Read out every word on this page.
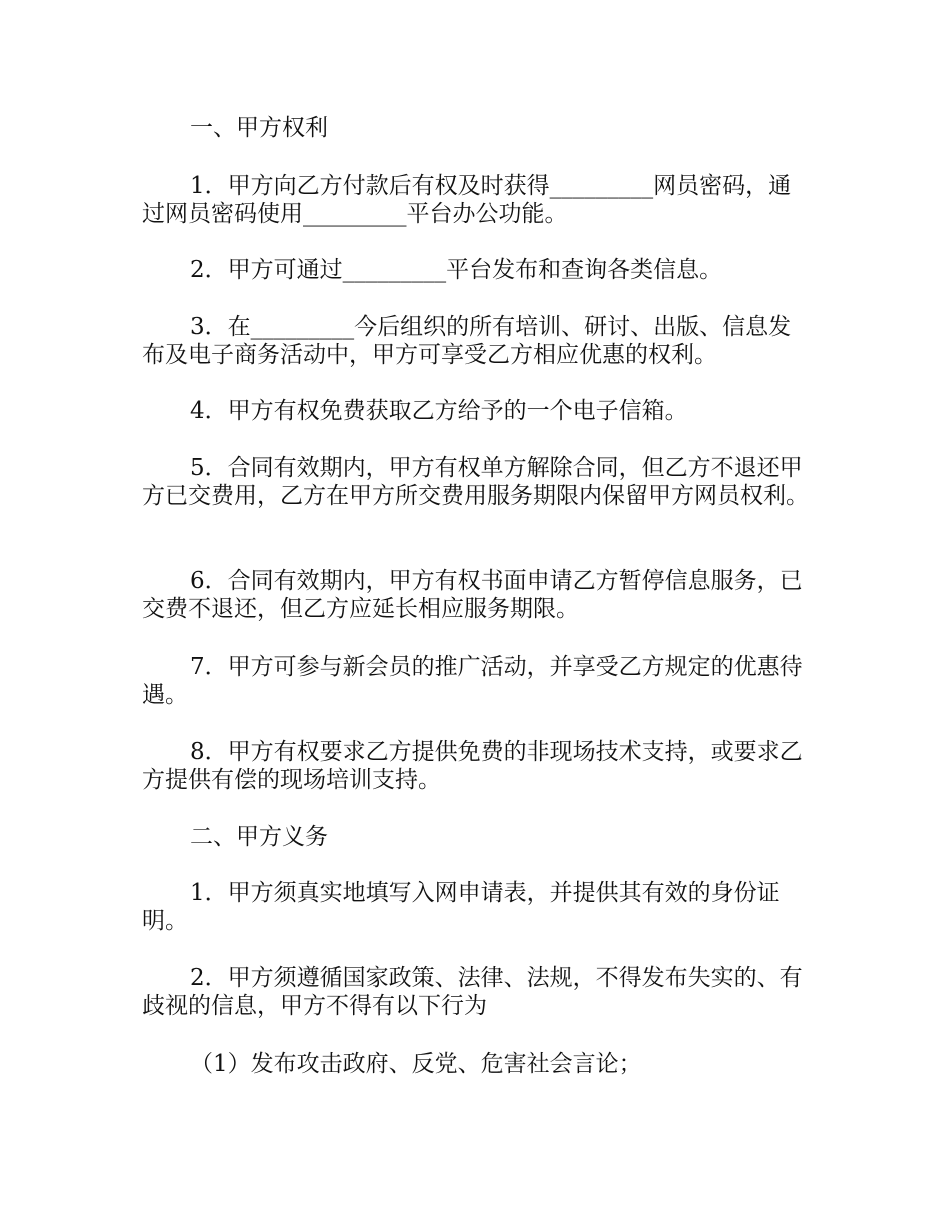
一、甲方权利

1．甲方向乙方付款后有权及时获得_________网员密码，通过网员密码使用_________平台办公功能。

2．甲方可通过_________平台发布和查询各类信息。

3．在_________今后组织的所有培训、研讨、出版、信息发布及电子商务活动中，甲方可享受乙方相应优惠的权利。

4．甲方有权免费获取乙方给予的一个电子信箱。

5．合同有效期内，甲方有权单方解除合同，但乙方不退还甲方已交费用，乙方在甲方所交费用服务期限内保留甲方网员权利。

6．合同有效期内，甲方有权书面申请乙方暂停信息服务，已交费不退还，但乙方应延长相应服务期限。

7．甲方可参与新会员的推广活动，并享受乙方规定的优惠待遇。

8．甲方有权要求乙方提供免费的非现场技术支持，或要求乙方提供有偿的现场培训支持。

二、甲方义务

1．甲方须真实地填写入网申请表，并提供其有效的身份证明。

2．甲方须遵循国家政策、法律、法规，不得发布失实的、有歧视的信息，甲方不得有以下行为

（1）发布攻击政府、反党、危害社会言论；
